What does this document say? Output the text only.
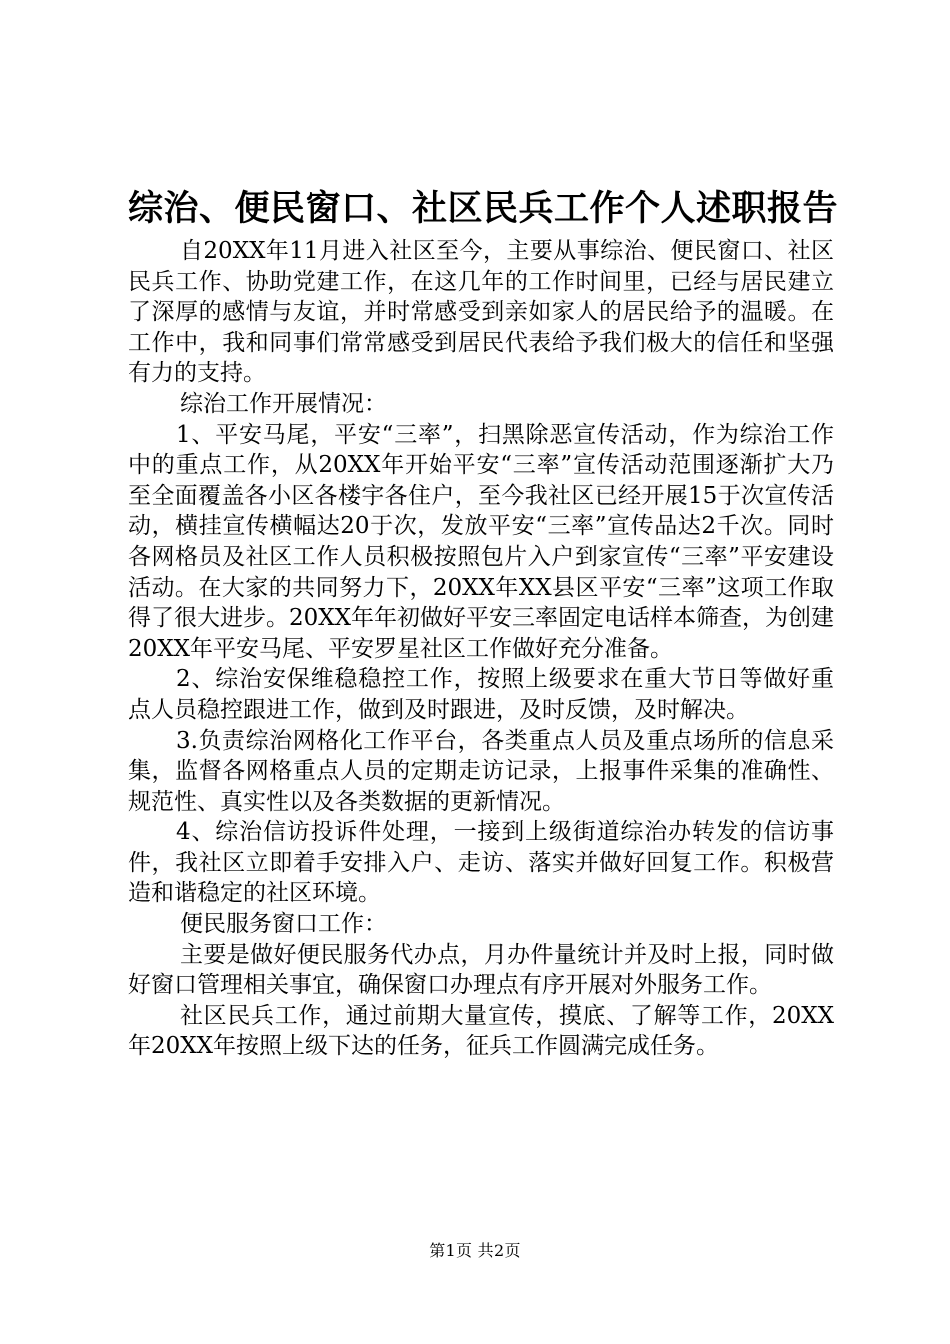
综治、便民窗口、社区民兵工作个人述职报告

自20XX年11月进入社区至今，主要从事综治、便民窗口、社区民兵工作、协助党建工作，在这几年的工作时间里，已经与居民建立了深厚的感情与友谊，并时常感受到亲如家人的居民给予的温暖。在工作中，我和同事们常常感受到居民代表给予我们极大的信任和坚强有力的支持。

综治工作开展情况：

1、平安马尾，平安“三率”，扫黑除恶宣传活动，作为综治工作中的重点工作，从20XX年开始平安“三率”宣传活动范围逐渐扩大乃至全面覆盖各小区各楼宇各住户，至今我社区已经开展15于次宣传活动，横挂宣传横幅达20于次，发放平安“三率”宣传品达2千次。同时各网格员及社区工作人员积极按照包片入户到家宣传“三率”平安建设活动。在大家的共同努力下，20XX年XX县区平安“三率”这项工作取得了很大进步。20XX年年初做好平安三率固定电话样本筛查，为创建20XX年平安马尾、平安罗星社区工作做好充分准备。

2、综治安保维稳稳控工作，按照上级要求在重大节日等做好重点人员稳控跟进工作，做到及时跟进，及时反馈，及时解决。

3.负责综治网格化工作平台，各类重点人员及重点场所的信息采集，监督各网格重点人员的定期走访记录，上报事件采集的准确性、规范性、真实性以及各类数据的更新情况。

4、综治信访投诉件处理，一接到上级街道综治办转发的信访事件，我社区立即着手安排入户、走访、落实并做好回复工作。积极营造和谐稳定的社区环境。

便民服务窗口工作：

主要是做好便民服务代办点，月办件量统计并及时上报，同时做好窗口管理相关事宜，确保窗口办理点有序开展对外服务工作。

社区民兵工作，通过前期大量宣传，摸底、了解等工作，20XX年20XX年按照上级下达的任务，征兵工作圆满完成任务。

第1页 共2页
